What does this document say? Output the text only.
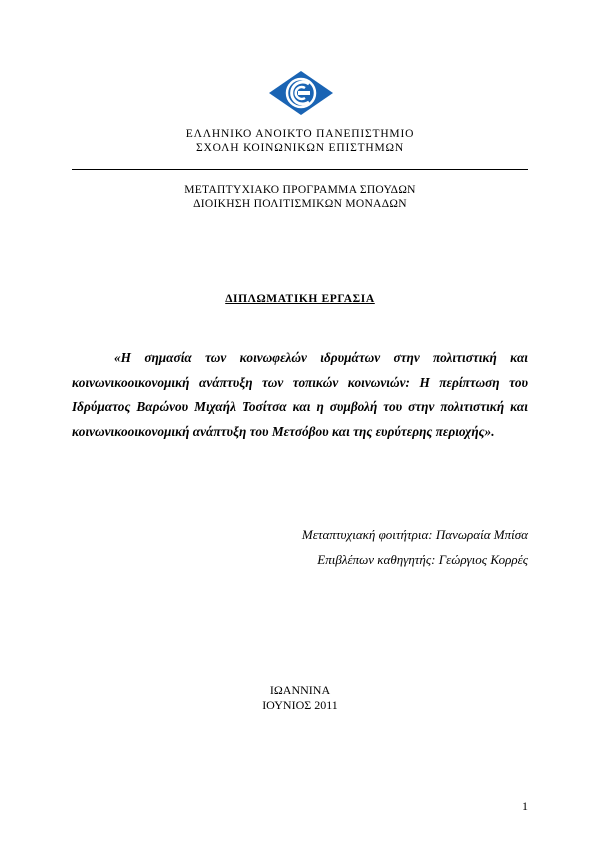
ΕΛΛΗΝΙΚΟ ΑΝΟΙΚΤΟ ΠΑΝΕΠΙΣΤΗΜΙΟ
ΣΧΟΛΗ ΚΟΙΝΩΝΙΚΩΝ ΕΠΙΣΤΗΜΩΝ
ΜΕΤΑΠΤΥΧΙΑΚΟ ΠΡΟΓΡΑΜΜΑ ΣΠΟΥΔΩΝ
ΔΙΟΙΚΗΣΗ ΠΟΛΙΤΙΣΜΙΚΩΝ ΜΟΝΑΔΩΝ
ΔΙΠΛΩΜΑΤΙΚΗ ΕΡΓΑΣΙΑ

«Η σημασία των κοινωφελών ιδρυμάτων στην πολιτιστική και κοινωνικοοικονομική ανάπτυξη των τοπικών κοινωνιών: Η περίπτωση του Ιδρύματος Βαρώνου Μιχαήλ Τοσίτσα και η συμβολή του στην πολιτιστική και κοινωνικοοικονομική ανάπτυξη του Μετσόβου και της ευρύτερης περιοχής».

Μεταπτυχιακή φοιτήτρια: Πανωραία Μπίσα
Επιβλέπων καθηγητής: Γεώργιος Κορρές
ΙΩΑΝΝΙΝΑ
ΙΟΥΝΙΟΣ 2011
1
